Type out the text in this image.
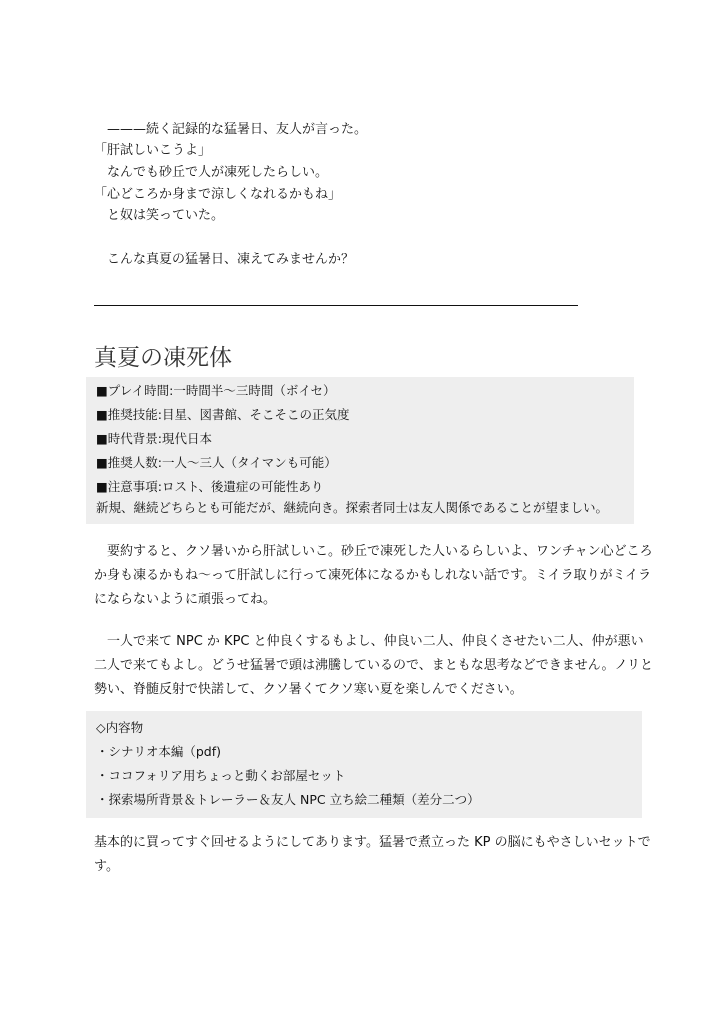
　———続く記録的な猛暑日、友人が言った。
「肝試しいこうよ」
　なんでも砂丘で人が凍死したらしい。
「心どころか身まで涼しくなれるかもね」
　と奴は笑っていた。
　こんな真夏の猛暑日、凍えてみませんか？
真夏の凍死体
■プレイ時間:一時間半～三時間（ボイセ）
■推奨技能:目星、図書館、そこそこの正気度
■時代背景:現代日本
■推奨人数:一人～三人（タイマンも可能）
■注意事項:ロスト、後遺症の可能性あり
新規、継続どちらとも可能だが、継続向き。探索者同士は友人関係であることが望ましい。
　要約すると、クソ暑いから肝試しいこ。砂丘で凍死した人いるらしいよ、ワンチャン心どころ
か身も凍るかもね～って肝試しに行って凍死体になるかもしれない話です。ミイラ取りがミイラ
にならないように頑張ってね。
　一人で来て NPC か KPC と仲良くするもよし、仲良い二人、仲良くさせたい二人、仲が悪い
二人で来てもよし。どうせ猛暑で頭は沸騰しているので、まともな思考などできません。ノリと
勢い、脊髄反射で快諾して、クソ暑くてクソ寒い夏を楽しんでください。
◇内容物
・シナリオ本編（pdf)
・ココフォリア用ちょっと動くお部屋セット
・探索場所背景＆トレーラー＆友人 NPC 立ち絵二種類（差分二つ）
基本的に買ってすぐ回せるようにしてあります。猛暑で煮立った KP の脳にもやさしいセットで
す。
